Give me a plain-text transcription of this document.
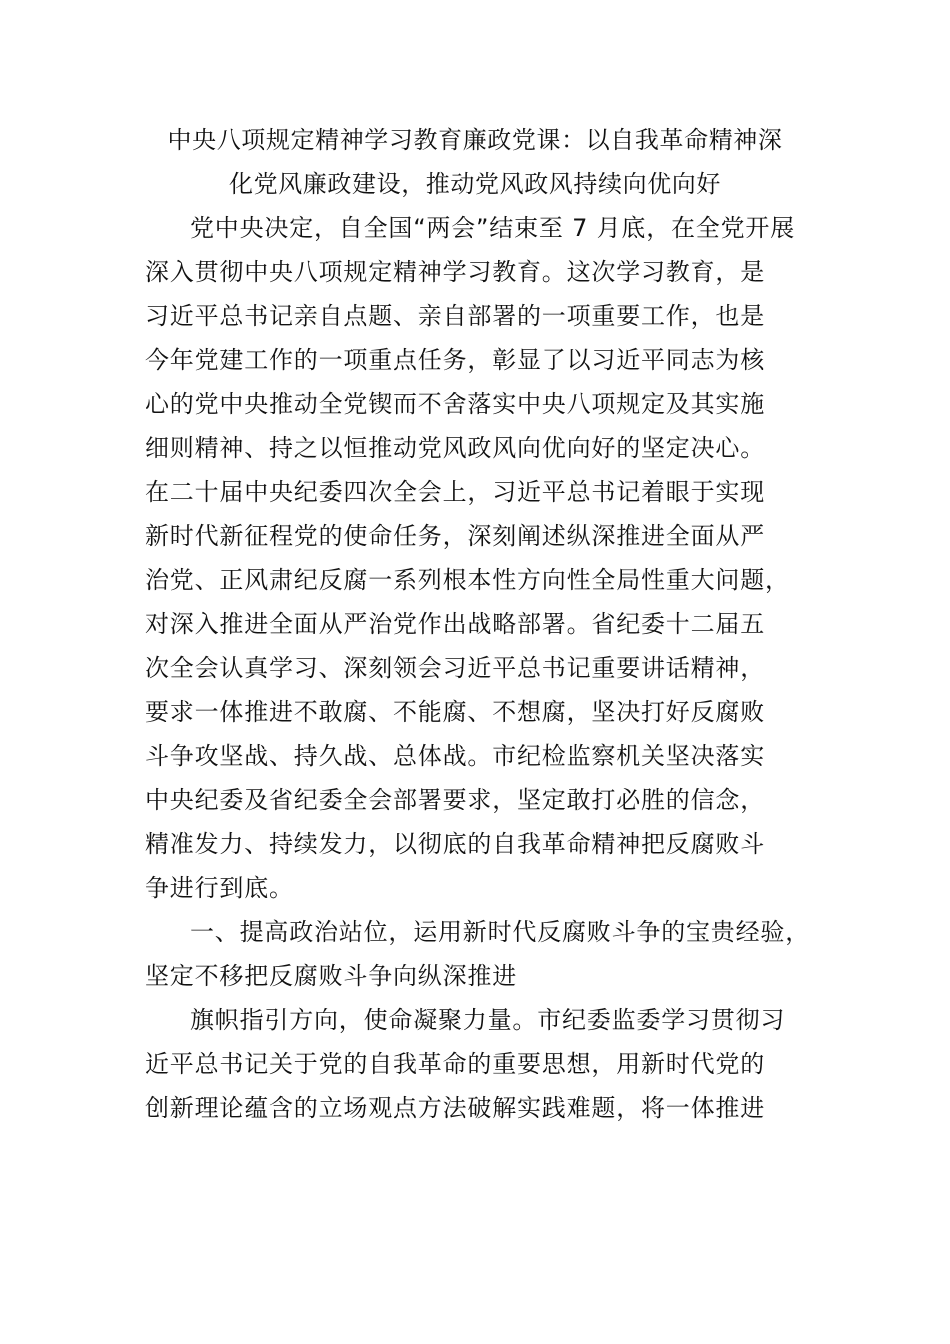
中央八项规定精神学习教育廉政党课：以自我革命精神深
化党风廉政建设，推动党风政风持续向优向好
党中央决定，自全国“两会”结束至 7 月底，在全党开展
深入贯彻中央八项规定精神学习教育。这次学习教育，是
习近平总书记亲自点题、亲自部署的一项重要工作，也是
今年党建工作的一项重点任务，彰显了以习近平同志为核
心的党中央推动全党锲而不舍落实中央八项规定及其实施
细则精神、持之以恒推动党风政风向优向好的坚定决心。
在二十届中央纪委四次全会上，习近平总书记着眼于实现
新时代新征程党的使命任务，深刻阐述纵深推进全面从严
治党、正风肃纪反腐一系列根本性方向性全局性重大问题，
对深入推进全面从严治党作出战略部署。省纪委十二届五
次全会认真学习、深刻领会习近平总书记重要讲话精神，
要求一体推进不敢腐、不能腐、不想腐，坚决打好反腐败
斗争攻坚战、持久战、总体战。市纪检监察机关坚决落实
中央纪委及省纪委全会部署要求，坚定敢打必胜的信念，
精准发力、持续发力，以彻底的自我革命精神把反腐败斗
争进行到底。
一、提高政治站位，运用新时代反腐败斗争的宝贵经验，
坚定不移把反腐败斗争向纵深推进
旗帜指引方向，使命凝聚力量。市纪委监委学习贯彻习
近平总书记关于党的自我革命的重要思想，用新时代党的
创新理论蕴含的立场观点方法破解实践难题，将一体推进
